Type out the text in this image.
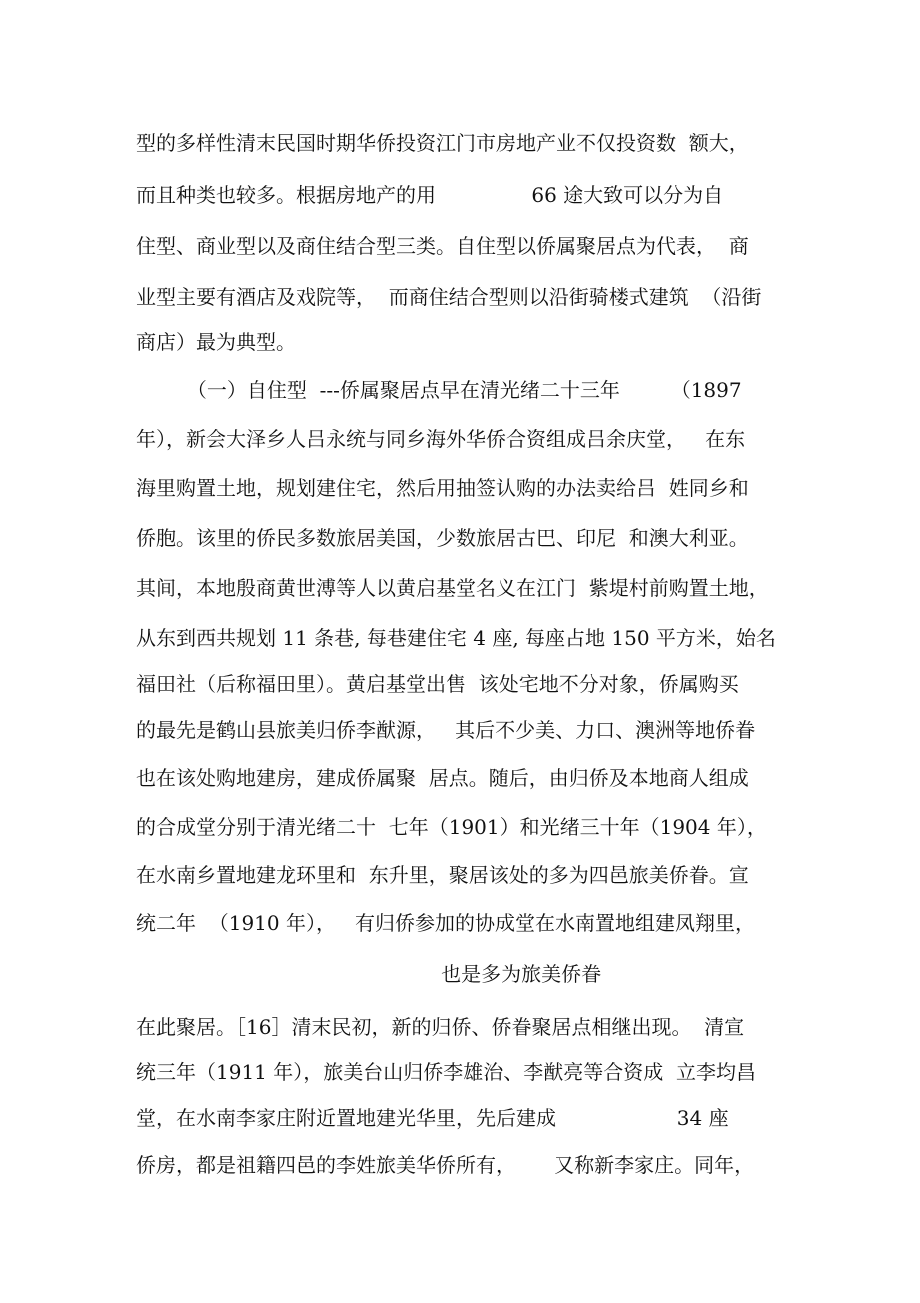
型的多样性清末民国时期华侨投资江门市房地产业不仅投资数  额大，
而且种类也较多。根据房地产的用               66 途大致可以分为自
住型、商业型以及商住结合型三类。自住型以侨属聚居点为代表，  商
业型主要有酒店及戏院等，  而商住结合型则以沿街骑楼式建筑  （沿街
商店）最为典型。
（一）自住型  ---侨属聚居点早在清光绪二十三年        （1897
年），新会大泽乡人吕永统与同乡海外华侨合资组成吕余庆堂，   在东
海里购置土地，规划建住宅，然后用抽签认购的办法卖给吕  姓同乡和
侨胞。该里的侨民多数旅居美国，少数旅居古巴、印尼  和澳大利亚。
其间，本地殷商黄世溥等人以黄启基堂名义在江门  紫堤村前购置土地，
从东到西共规划 11 条巷, 每巷建住宅 4 座, 每座占地 150 平方米，始名
福田社（后称福田里）。黄启基堂出售  该处宅地不分对象，侨属购买
的最先是鹤山县旅美归侨李猷源，   其后不少美、力口、澳洲等地侨眷
也在该处购地建房，建成侨属聚  居点。随后，由归侨及本地商人组成
的合成堂分别于清光绪二十  七年（1901）和光绪三十年（1904 年），
在水南乡置地建龙环里和  东升里，聚居该处的多为四邑旅美侨眷。宣
统二年  （1910 年），   有归侨参加的协成堂在水南置地组建凤翔里，
也是多为旅美侨眷
在此聚居。［16］清末民初，新的归侨、侨眷聚居点相继出现。  清宣
统三年（1911 年），旅美台山归侨李雄治、李猷亮等合资成  立李均昌
堂，在水南李家庄附近置地建光华里，先后建成                   34 座
侨房，都是祖籍四邑的李姓旅美华侨所有，      又称新李家庄。同年，
